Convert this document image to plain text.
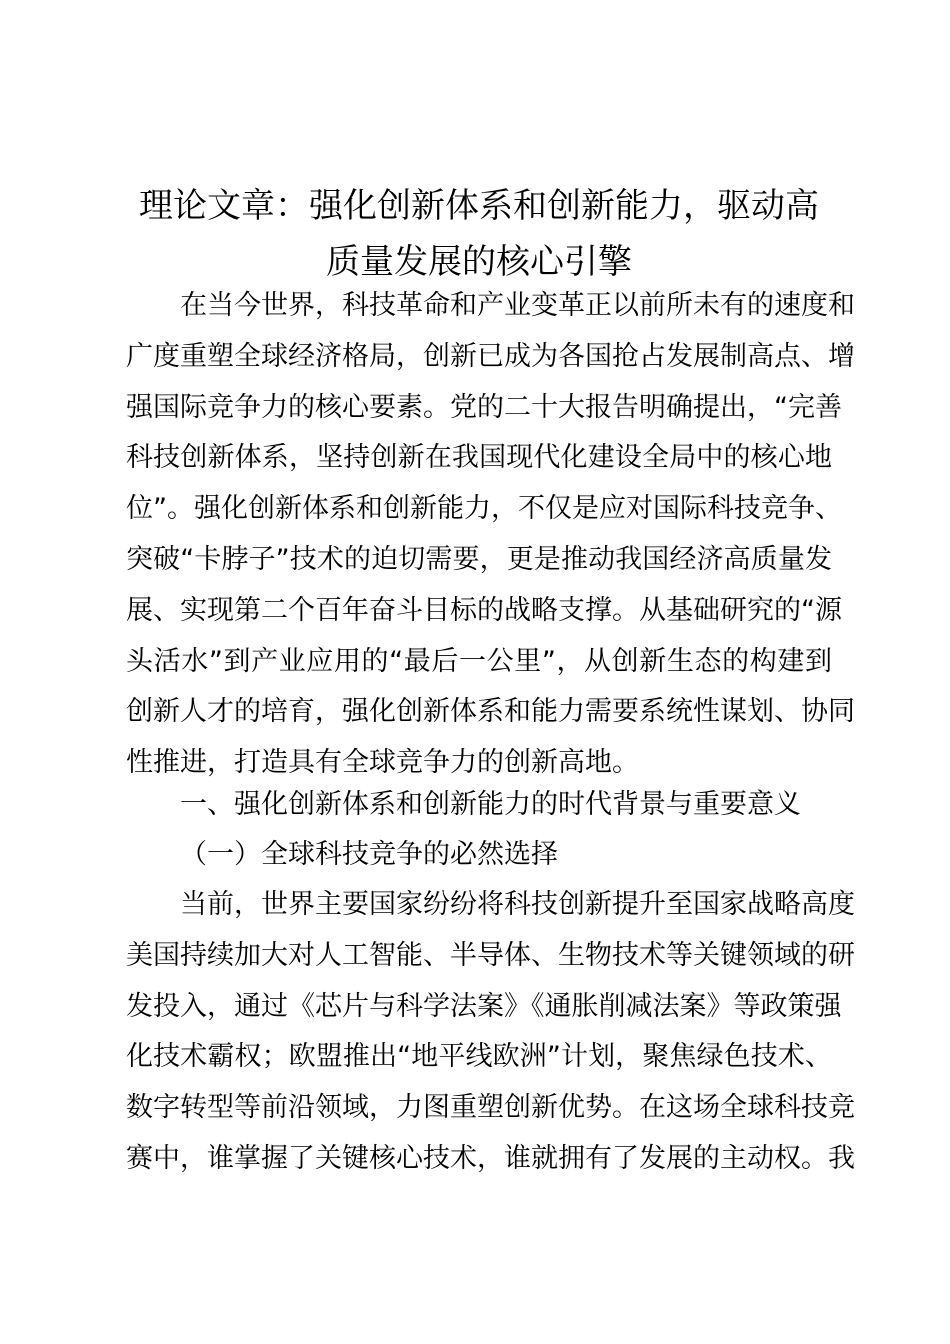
理论文章：强化创新体系和创新能力，驱动高
质量发展的核心引擎
在当今世界，科技革命和产业变革正以前所未有的速度和
广度重塑全球经济格局，创新已成为各国抢占发展制高点、增
强国际竞争力的核心要素。党的二十大报告明确提出，“完善
科技创新体系，坚持创新在我国现代化建设全局中的核心地
位”。强化创新体系和创新能力，不仅是应对国际科技竞争、
突破“卡脖子”技术的迫切需要，更是推动我国经济高质量发
展、实现第二个百年奋斗目标的战略支撑。从基础研究的“源
头活水”到产业应用的“最后一公里”，从创新生态的构建到
创新人才的培育，强化创新体系和能力需要系统性谋划、协同
性推进，打造具有全球竞争力的创新高地。
一、强化创新体系和创新能力的时代背景与重要意义
（一）全球科技竞争的必然选择
当前，世界主要国家纷纷将科技创新提升至国家战略高度
美国持续加大对人工智能、半导体、生物技术等关键领域的研
发投入，通过《芯片与科学法案》《通胀削减法案》等政策强
化技术霸权；欧盟推出“地平线欧洲”计划，聚焦绿色技术、
数字转型等前沿领域，力图重塑创新优势。在这场全球科技竞
赛中，谁掌握了关键核心技术，谁就拥有了发展的主动权。我
